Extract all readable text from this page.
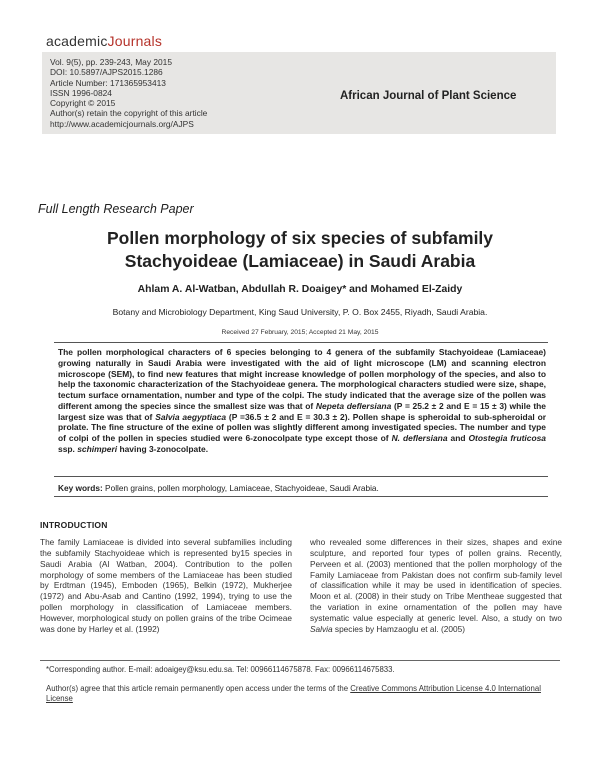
academicJournals
Vol. 9(5), pp. 239-243, May 2015
DOI: 10.5897/AJPS2015.1286
Article Number: 171365953413
ISSN 1996-0824
Copyright © 2015
Author(s) retain the copyright of this article
http://www.academicjournals.org/AJPS
African Journal of Plant Science
Full Length Research Paper
Pollen morphology of six species of subfamily
Stachyoideae (Lamiaceae) in Saudi Arabia
Ahlam A. Al-Watban, Abdullah R. Doaigey* and Mohamed El-Zaidy
Botany and Microbiology Department, King Saud University, P. O. Box 2455, Riyadh, Saudi Arabia.
Received 27 February, 2015; Accepted 21 May, 2015
The pollen morphological characters of 6 species belonging to 4 genera of the subfamily Stachyoideae (Lamiaceae) growing naturally in Saudi Arabia were investigated with the aid of light microscope (LM) and scanning electron microscope (SEM), to find new features that might increase knowledge of pollen morphology of the species, and also to help the taxonomic characterization of the Stachyoideae genera. The morphological characters studied were size, shape, tectum surface ornamentation, number and type of the colpi. The study indicated that the average size of the pollen was different among the species since the smallest size was that of Nepeta deflersiana (P = 25.2 ± 2 and E = 15 ± 3) while the largest size was that of Salvia aegyptiaca (P =36.5 ± 2 and E = 30.3 ± 2). Pollen shape is spheroidal to sub-spheroidal or prolate. The fine structure of the exine of pollen was slightly different among investigated species. The number and type of colpi of the pollen in species studied were 6-zonocolpate type except those of N. deflersiana and Otostegia fruticosa ssp. schimperi having 3-zonocolpate.
Key words: Pollen grains, pollen morphology, Lamiaceae, Stachyoideae, Saudi Arabia.
INTRODUCTION
The family Lamiaceae is divided into several subfamilies including the subfamily Stachyoideae which is represented by15 species in Saudi Arabia (Al Watban, 2004). Contribution to the pollen morphology of some members of the Lamiaceae has been studied by Erdtman (1945), Emboden (1965), Belkin (1972), Mukherjee (1972) and Abu-Asab and Cantino (1992, 1994), trying to use the pollen morphology in classification of Lamiaceae members. However, morphological study on pollen grains of the tribe Ocimeae was done by Harley et al. (1992)
who revealed some differences in their sizes, shapes and exine sculpture, and reported four types of pollen grains. Recently, Perveen et al. (2003) mentioned that the pollen morphology of the Family Lamiaceae from Pakistan does not confirm sub-family level of classification while it may be used in identification of species. Moon et al. (2008) in their study on Tribe Mentheae suggested that the variation in exine ornamentation of the pollen may have systematic value especially at generic level. Also, a study on two Salvia species by Hamzaoglu et al. (2005)
*Corresponding author. E-mail: adoaigey@ksu.edu.sa. Tel: 00966114675878. Fax: 00966114675833.
Author(s) agree that this article remain permanently open access under the terms of the Creative Commons Attribution License 4.0 International License
